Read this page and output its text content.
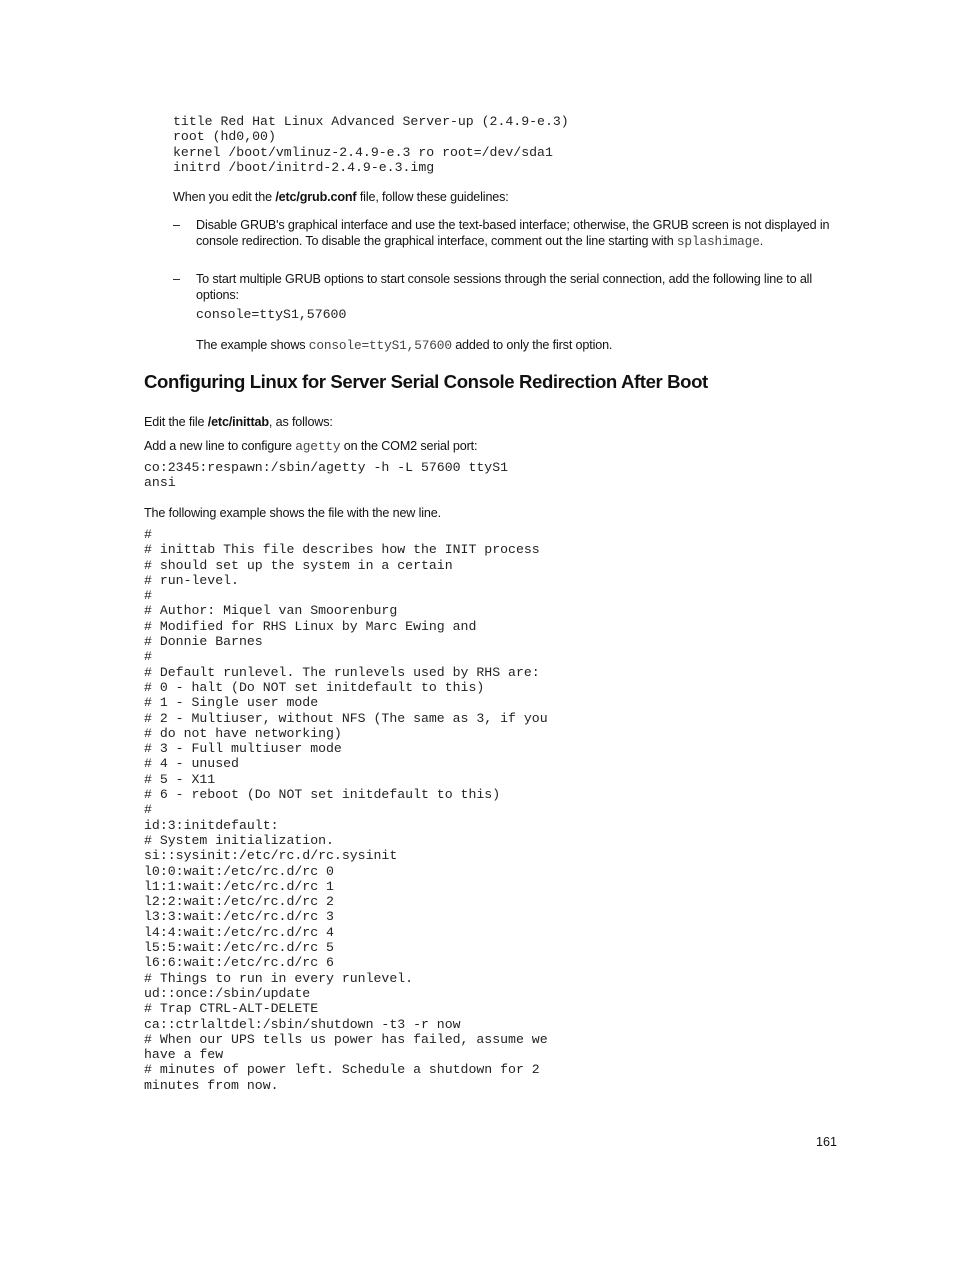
title Red Hat Linux Advanced Server-up (2.4.9-e.3)
root (hd0,00)
kernel /boot/vmlinuz-2.4.9-e.3 ro root=/dev/sda1
initrd /boot/initrd-2.4.9-e.3.img

When you edit the /etc/grub.conf file, follow these guidelines:

– Disable GRUB's graphical interface and use the text-based interface; otherwise, the GRUB screen is not displayed in console redirection. To disable the graphical interface, comment out the line starting with splashimage.

– To start multiple GRUB options to start console sessions through the serial connection, add the following line to all options:

console=ttyS1,57600

The example shows console=ttyS1,57600 added to only the first option.

Configuring Linux for Server Serial Console Redirection After Boot

Edit the file /etc/inittab, as follows:

Add a new line to configure agetty on the COM2 serial port:

co:2345:respawn:/sbin/agetty -h -L 57600 ttyS1
ansi

The following example shows the file with the new line.

#
# inittab This file describes how the INIT process
# should set up the system in a certain
# run-level.
#
# Author: Miquel van Smoorenburg
# Modified for RHS Linux by Marc Ewing and
# Donnie Barnes
#
# Default runlevel. The runlevels used by RHS are:
# 0 - halt (Do NOT set initdefault to this)
# 1 - Single user mode
# 2 - Multiuser, without NFS (The same as 3, if you
# do not have networking)
# 3 - Full multiuser mode
# 4 - unused
# 5 - X11
# 6 - reboot (Do NOT set initdefault to this)
#
id:3:initdefault:
# System initialization.
si::sysinit:/etc/rc.d/rc.sysinit
l0:0:wait:/etc/rc.d/rc 0
l1:1:wait:/etc/rc.d/rc 1
l2:2:wait:/etc/rc.d/rc 2
l3:3:wait:/etc/rc.d/rc 3
l4:4:wait:/etc/rc.d/rc 4
l5:5:wait:/etc/rc.d/rc 5
l6:6:wait:/etc/rc.d/rc 6
# Things to run in every runlevel.
ud::once:/sbin/update
# Trap CTRL-ALT-DELETE
ca::ctrlaltdel:/sbin/shutdown -t3 -r now
# When our UPS tells us power has failed, assume we
have a few
# minutes of power left. Schedule a shutdown for 2
minutes from now.
161
